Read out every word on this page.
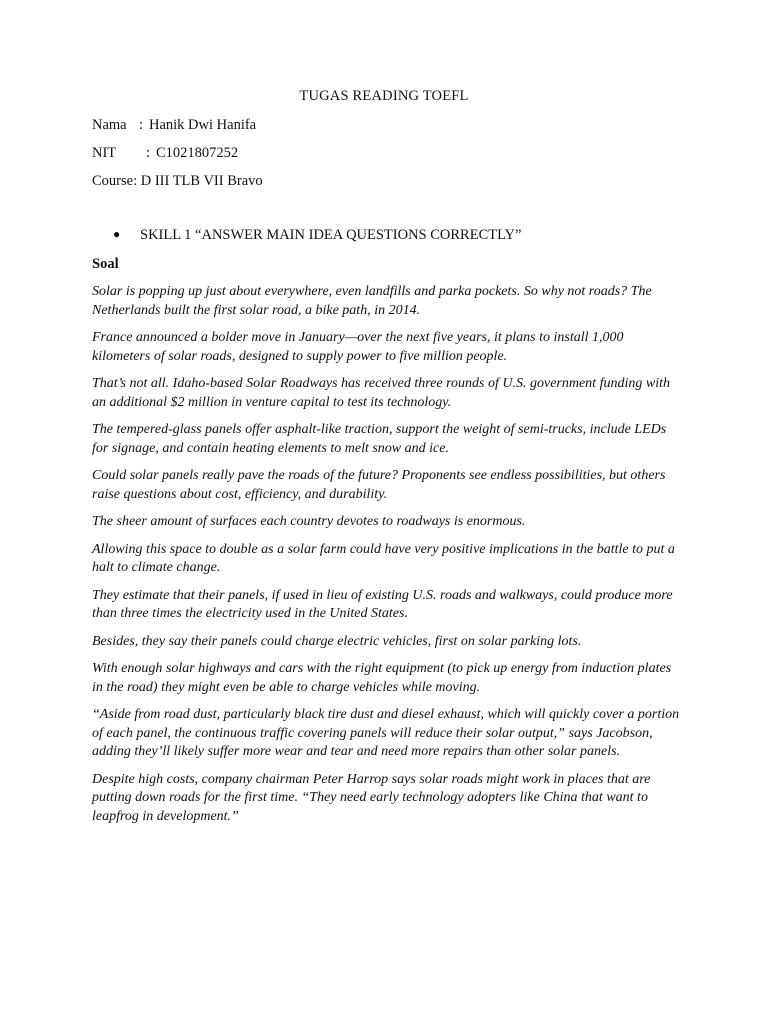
TUGAS READING TOEFL
Nama : Hanik Dwi Hanifa
NIT : C1021807252
Course: D III TLB VII Bravo
● SKILL 1 “ANSWER MAIN IDEA QUESTIONS CORRECTLY”
Soal

Solar is popping up just about everywhere, even landfills and parka pockets. So why not roads? The Netherlands built the first solar road, a bike path, in 2014.

France announced a bolder move in January—over the next five years, it plans to install 1,000 kilometers of solar roads, designed to supply power to five million people.

That’s not all. Idaho-based Solar Roadways has received three rounds of U.S. government funding with an additional $2 million in venture capital to test its technology.

The tempered-glass panels offer asphalt-like traction, support the weight of semi-trucks, include LEDs for signage, and contain heating elements to melt snow and ice.

Could solar panels really pave the roads of the future? Proponents see endless possibilities, but others raise questions about cost, efficiency, and durability.

The sheer amount of surfaces each country devotes to roadways is enormous.

Allowing this space to double as a solar farm could have very positive implications in the battle to put a halt to climate change.

They estimate that their panels, if used in lieu of existing U.S. roads and walkways, could produce more than three times the electricity used in the United States.

Besides, they say their panels could charge electric vehicles, first on solar parking lots.

With enough solar highways and cars with the right equipment (to pick up energy from induction plates in the road) they might even be able to charge vehicles while moving.

“Aside from road dust, particularly black tire dust and diesel exhaust, which will quickly cover a portion of each panel, the continuous traffic covering panels will reduce their solar output,” says Jacobson, adding they’ll likely suffer more wear and tear and need more repairs than other solar panels.

Despite high costs, company chairman Peter Harrop says solar roads might work in places that are putting down roads for the first time. “They need early technology adopters like China that want to leapfrog in development.”
